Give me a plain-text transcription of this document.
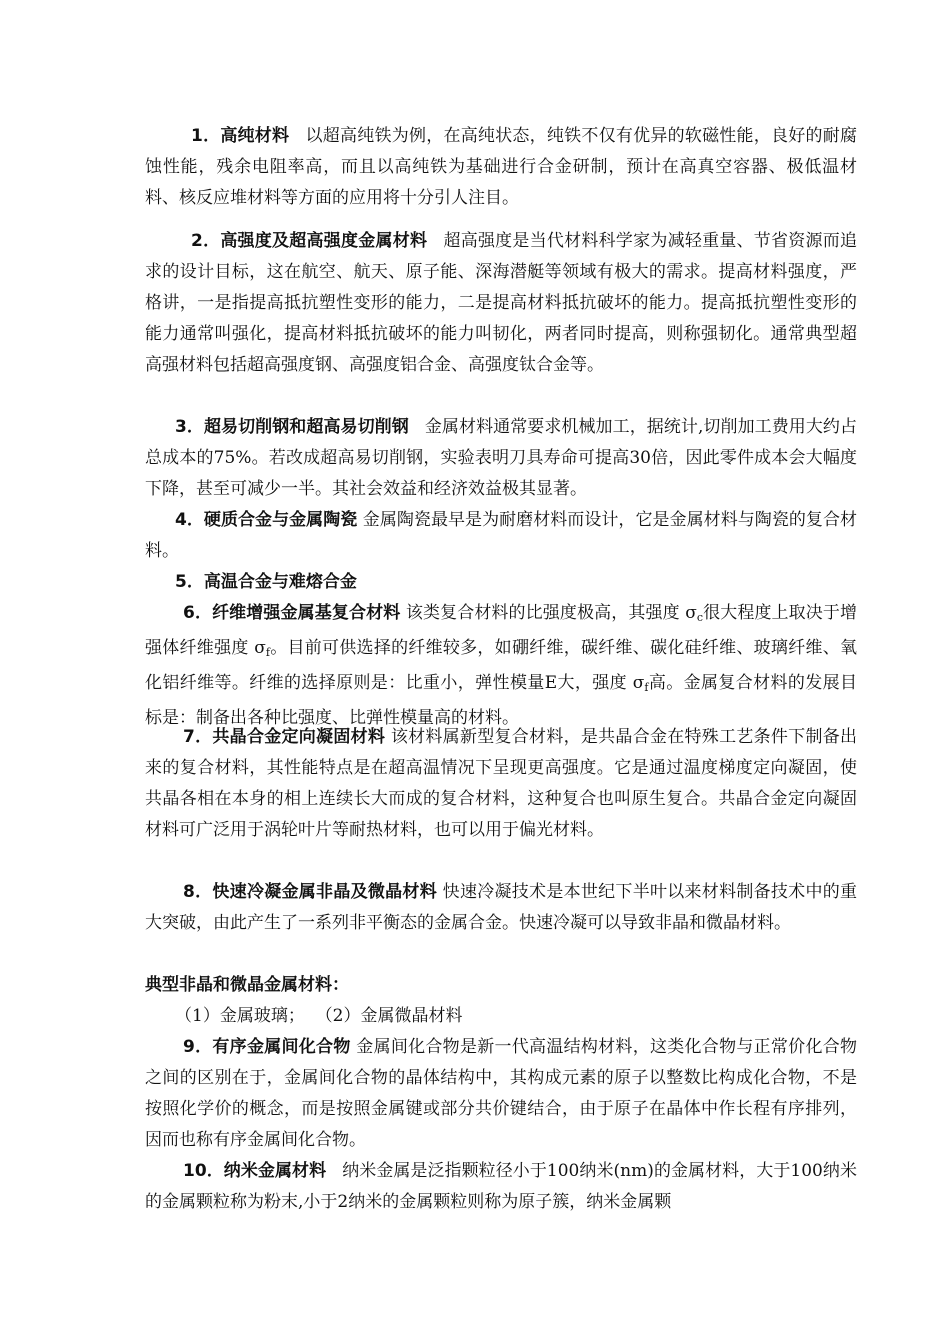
1．高纯材料 以超高纯铁为例，在高纯状态，纯铁不仅有优异的软磁性能，良好的耐腐蚀性能，残余电阻率高，而且以高纯铁为基础进行合金研制，预计在高真空容器、极低温材料、核反应堆材料等方面的应用将十分引人注目。

2．高强度及超高强度金属材料 超高强度是当代材料科学家为减轻重量、节省资源而追求的设计目标，这在航空、航天、原子能、深海潜艇等领域有极大的需求。提高材料强度，严格讲，一是指提高抵抗塑性变形的能力，二是提高材料抵抗破坏的能力。提高抵抗塑性变形的能力通常叫强化，提高材料抵抗破坏的能力叫韧化，两者同时提高，则称强韧化。通常典型超高强材料包括超高强度钢、高强度铝合金、高强度钛合金等。

3．超易切削钢和超高易切削钢 金属材料通常要求机械加工，据统计,切削加工费用大约占总成本的75%。若改成超高易切削钢，实验表明刀具寿命可提高30倍，因此零件成本会大幅度下降，甚至可减少一半。其社会效益和经济效益极其显著。

4．硬质合金与金属陶瓷 金属陶瓷最早是为耐磨材料而设计，它是金属材料与陶瓷的复合材料。

5．高温合金与难熔合金

6．纤维增强金属基复合材料 该类复合材料的比强度极高，其强度 $\sigma_c$很大程度上取决于增强体纤维强度 $\sigma_f$。目前可供选择的纤维较多，如硼纤维，碳纤维、碳化硅纤维、玻璃纤维、氧化铝纤维等。纤维的选择原则是：比重小，弹性模量E大，强度 $\sigma_f$高。金属复合材料的发展目标是：制备出各种比强度、比弹性模量高的材料。

7．共晶合金定向凝固材料 该材料属新型复合材料，是共晶合金在特殊工艺条件下制备出来的复合材料，其性能特点是在超高温情况下呈现更高强度。它是通过温度梯度定向凝固，使共晶各相在本身的相上连续长大而成的复合材料，这种复合也叫原生复合。共晶合金定向凝固材料可广泛用于涡轮叶片等耐热材料，也可以用于偏光材料。

8．快速冷凝金属非晶及微晶材料 快速冷凝技术是本世纪下半叶以来材料制备技术中的重大突破，由此产生了一系列非平衡态的金属合金。快速冷凝可以导致非晶和微晶材料。

典型非晶和微晶金属材料：

（1）金属玻璃；  （2）金属微晶材料

9．有序金属间化合物 金属间化合物是新一代高温结构材料，这类化合物与正常价化合物之间的区别在于，金属间化合物的晶体结构中，其构成元素的原子以整数比构成化合物，不是按照化学价的概念，而是按照金属键或部分共价键结合，由于原子在晶体中作长程有序排列，因而也称有序金属间化合物。

10．纳米金属材料 纳米金属是泛指颗粒径小于100纳米(nm)的金属材料，大于100纳米的金属颗粒称为粉末,小于2纳米的金属颗粒则称为原子簇，纳米金属颗
